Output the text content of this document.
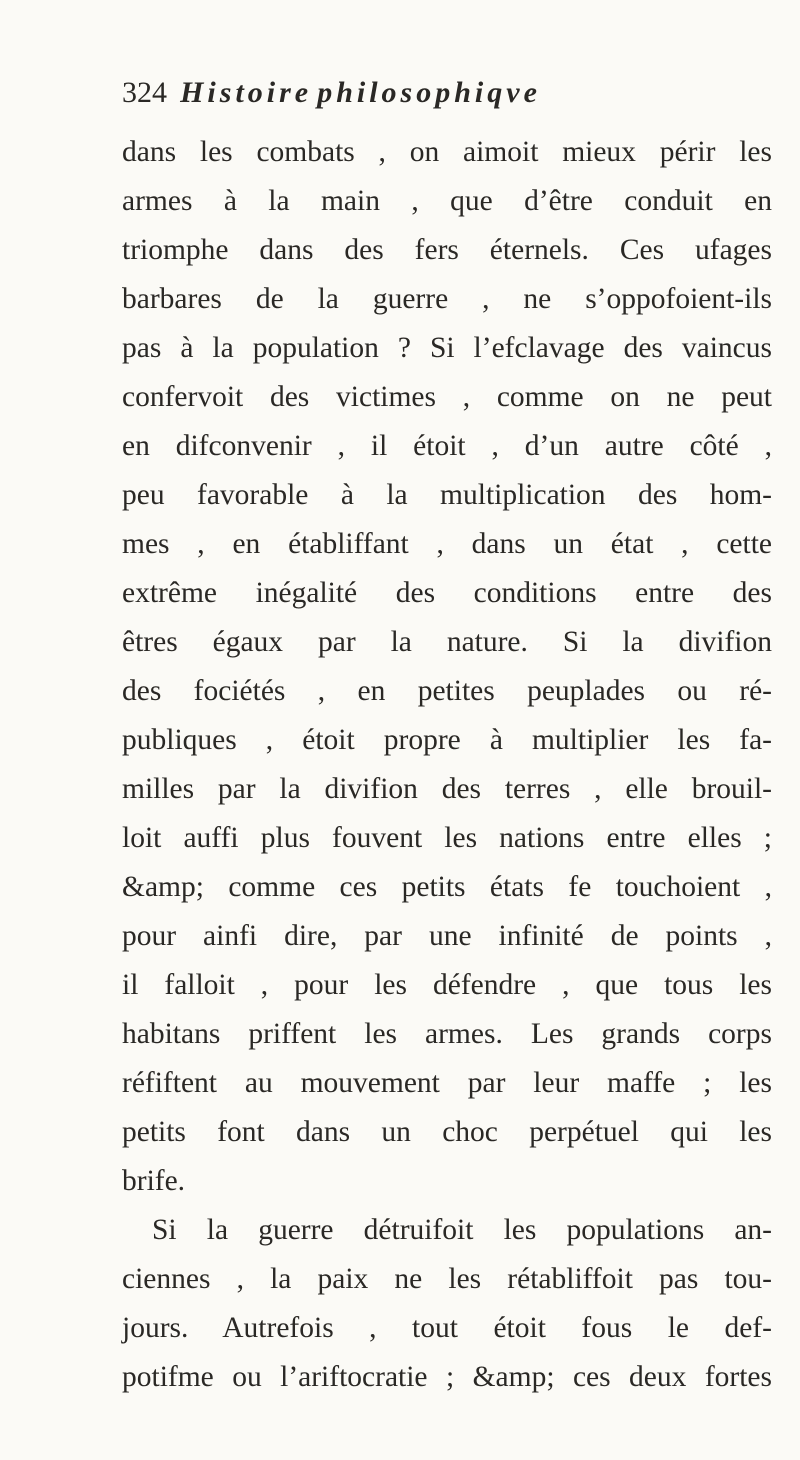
324 Histoire philosophiqve
dans les combats , on aimoit mieux périr les
armes à la main , que d’être conduit en
triomphe dans des fers éternels. Ces ufages
barbares de la guerre , ne s’oppofoient-ils
pas à la population ? Si l’efclavage des vaincus
confervoit des victimes , comme on ne peut
en difconvenir , il étoit , d’un autre côté ,
peu favorable à la multiplication des hom-
mes , en établiffant , dans un état , cette
extrême inégalité des conditions entre des
êtres égaux par la nature. Si la divifion
des fociétés , en petites peuplades ou ré-
publiques , étoit propre à multiplier les fa-
milles par la divifion des terres , elle brouil-
loit auffi plus fouvent les nations entre elles ;
&amp; comme ces petits états fe touchoient ,
pour ainfi dire, par une infinité de points ,
il falloit , pour les défendre , que tous les
habitans priffent les armes. Les grands corps
réfiftent au mouvement par leur maffe ; les
petits font dans un choc perpétuel qui les
brife.
Si la guerre détruifoit les populations an-
ciennes , la paix ne les rétabliffoit pas tou-
jours. Autrefois , tout étoit fous le def-
potifme ou l’ariftocratie ; &amp; ces deux fortes
